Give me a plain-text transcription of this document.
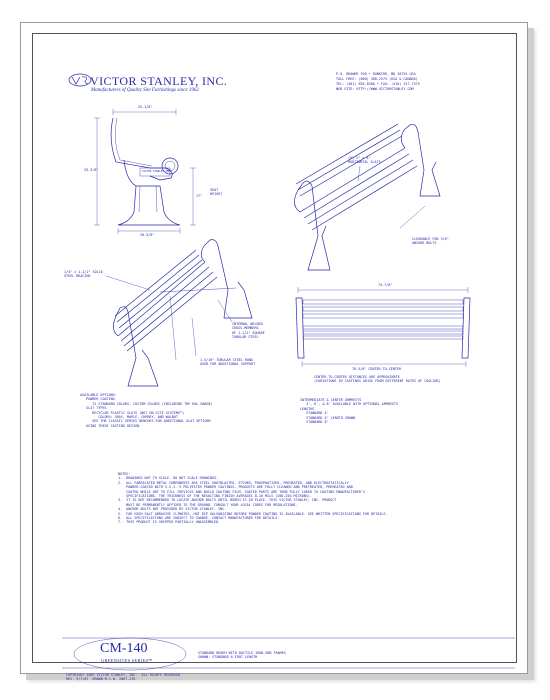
VICTOR STANLEY, INC.
Manufacturers of Quality Site Furnishings since 1962
P.O. DRAWER 330 • DUNKIRK, MD 20754 USA
TOLL FREE: (800) 368-2573 (USA & CANADA)
TEL: (301) 855-8300 • FAX: (410) 257-7579
WEB SITE: HTTP://WWW.VICTORSTANLEY.COM
25-1/8"
33-3/8"
17"
SEAT
HEIGHT
20-3/8"
VICTOR STANLEY INC.
(6) 2" x 4"
HORIZONTAL SLATS
CLEARANCE FOR 3/8"
ANCHOR BOLTS
1/4" x 1-1/2" SOLID
STEEL BRACING
INTERNAL WELDED
CROSS-MEMBERS
OF 1-1/2" SQUARE
TUBULAR STEEL
1-5/16" TUBULAR STEEL RUNG
USED FOR ADDITIONAL SUPPORT
74-7/8"
70-5/8" CENTER-TO-CENTER
CENTER-TO-CENTER DISTANCES ARE APPROXIMATE
(VARIATIONS IN CASTINGS ARISE FROM DIFFERENT RATES OF COOLING)
AVAILABLE OPTIONS:
POWDER COATING
72 STANDARD COLORS, CUSTOM COLORS (INCLUDING THE RAL RANGE)
SLAT TYPES
RECYCLED PLASTIC SLATS (NOT ON SCTE SYSTEMS™)
COLORS: GRAY, MAPLE, CHERRY, AND WALNUT
SEE THE CLASSIC SERIES BENCHES FOR ADDITIONAL SLAT OPTIONS
USING THESE CASTING DESIGN
INTERMEDIATE & CENTER ARMRESTS
4', 6', & 8' AVAILABLE WITH OPTIONAL ARMRESTS
LENGTHS
STANDARD 4'
STANDARD 6' LENGTH SHOWN
STANDARD 8'
NOTES:
1.  DRAWINGS NOT TO SCALE. DO NOT SCALE DRAWINGS.
2.  ALL FABRICATED METAL COMPONENTS ARE STEEL SHOTBLASTED, ETCHED, PHOSPHATIZED, PREHEATED, AND ELECTROSTATICALLY
POWDER-COATED WITH V.S.I.'S POLYESTER POWDER COATINGS. PRODUCTS ARE FULLY CLEANED AND PRETREATED, PREHEATED AND
COATED WHILE HOT TO FILL CREVICES AND BUILD COATING FILM. COATED PARTS ARE THEN FULLY CURED TO COATING MANUFACTURER'S
SPECIFICATIONS. THE THICKNESS OF THE RESULTING FINISH AVERAGES 8-10 MILS (200-250 MICRONS).
3.  IT IS NOT RECOMMENDED TO LOCATE ANCHOR BOLTS UNTIL BENCH IS IN PLACE. THIS VICTOR STANLEY, INC. PRODUCT
MUST BE PERMANENTLY AFFIXED TO THE GROUND. CONSULT YOUR LOCAL CODES FOR REGULATIONS.
4.  ANCHOR BOLTS NOT PROVIDED BY VICTOR STANLEY, INC.
5.  FOR HIGH SALT ABRASIVE CLIMATES, HOT DIP GALVANIZING BEFORE POWDER COATING IS AVAILABLE. SEE WRITTEN SPECIFICATIONS FOR DETAILS.
6.  ALL SPECIFICATIONS ARE SUBJECT TO CHANGE. CONTACT MANUFACTURER FOR DETAILS.
7.  THIS PRODUCT IS SHIPPED PARTIALLY UNASSEMBLED.
CM-140
GREENSITES SERIES™
STANDARD BENCH WITH DUCTILE IRON END FRAMES
SHOWN: STANDARD 6-FOOT LENGTH
COPYRIGHT 2007 VICTOR STANLEY, INC.  ALL RIGHTS RESERVED
REV. 9/7/07  DRAWN M.C.W. 2007-235
